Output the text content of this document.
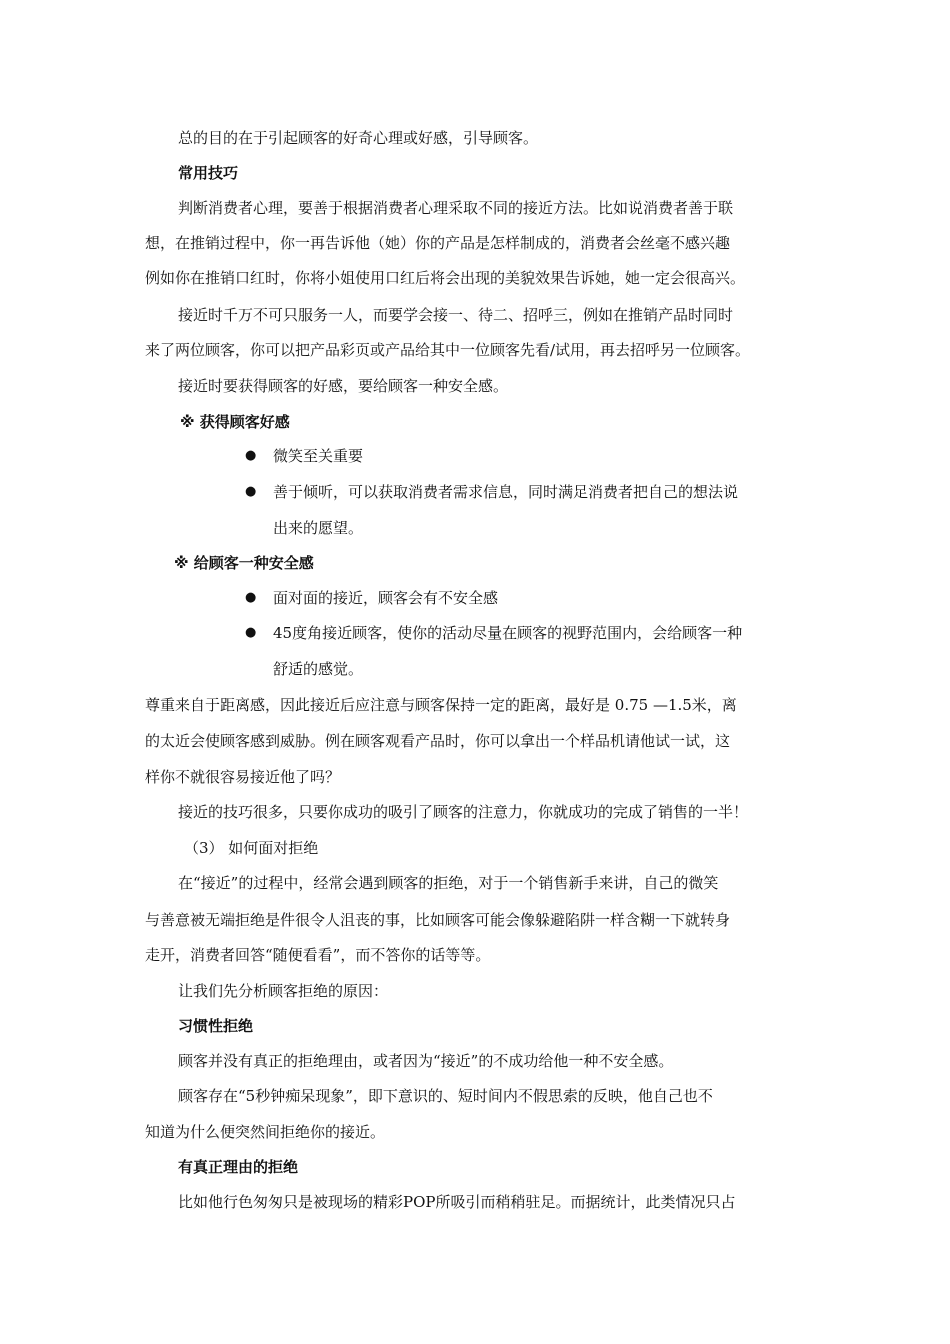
总的目的在于引起顾客的好奇心理或好感，引导顾客。
常用技巧
判断消费者心理，要善于根据消费者心理采取不同的接近方法。比如说消费者善于联
想，在推销过程中，你一再告诉他（她）你的产品是怎样制成的，消费者会丝毫不感兴趣
例如你在推销口红时，你将小姐使用口红后将会出现的美貌效果告诉她，她一定会很高兴。
接近时千万不可只服务一人，而要学会接一、待二、招呼三，例如在推销产品时同时
来了两位顾客，你可以把产品彩页或产品给其中一位顾客先看/试用，再去招呼另一位顾客。
接近时要获得顾客的好感，要给顾客一种安全感。
※ 获得顾客好感
● 微笑至关重要
● 善于倾听，可以获取消费者需求信息，同时满足消费者把自己的想法说
出来的愿望。
※ 给顾客一种安全感
● 面对面的接近，顾客会有不安全感
● 45度角接近顾客，使你的活动尽量在顾客的视野范围内，会给顾客一种
舒适的感觉。
尊重来自于距离感，因此接近后应注意与顾客保持一定的距离，最好是 0.75 —1.5米，离
的太近会使顾客感到威胁。例在顾客观看产品时，你可以拿出一个样品机请他试一试，这
样你不就很容易接近他了吗？
接近的技巧很多，只要你成功的吸引了顾客的注意力，你就成功的完成了销售的一半！
（3） 如何面对拒绝
在“接近”的过程中，经常会遇到顾客的拒绝，对于一个销售新手来讲，自己的微笑
与善意被无端拒绝是件很令人沮丧的事，比如顾客可能会像躲避陷阱一样含糊一下就转身
走开，消费者回答“随便看看”，而不答你的话等等。
让我们先分析顾客拒绝的原因：
习惯性拒绝
顾客并没有真正的拒绝理由，或者因为“接近”的不成功给他一种不安全感。
顾客存在“5秒钟痴呆现象”，即下意识的、短时间内不假思索的反映，他自己也不
知道为什么便突然间拒绝你的接近。
有真正理由的拒绝
比如他行色匆匆只是被现场的精彩POP所吸引而稍稍驻足。而据统计，此类情况只占
